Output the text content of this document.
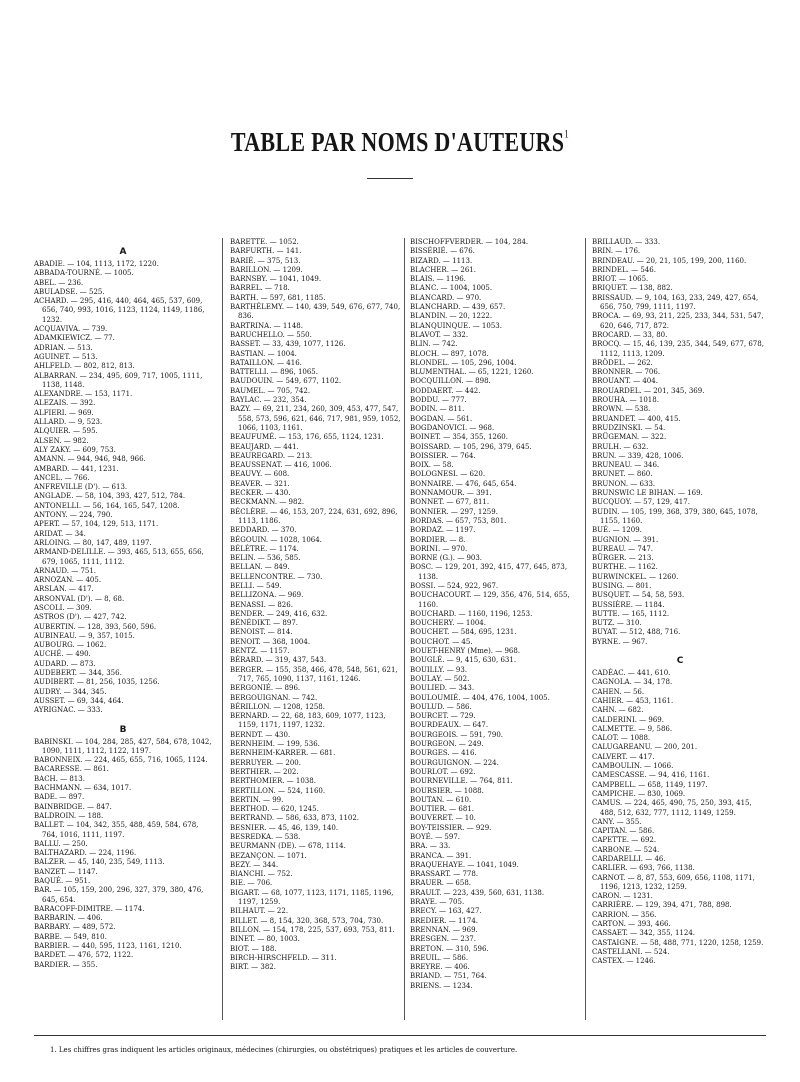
TABLE PAR NOMS D'AUTEURS$^1$
A
ABADIE. — 104, 1113, 1172, 1220.
ABBADA-TOURNÉ. — 1005.
ABEL. — 236.
ABULADSE. — 525.
ACHARD. — 295, 416, 440, 464, 465, 537, 609, 656, 740, 993, 1016, 1123, 1124, 1149, 1186, 1232.
ACQUAVIVA. — 739.
ADAMKIEWICZ. — 77.
ADRIAN. — 513.
AGUINET. — 513.
AHLFELD. — 802, 812, 813.
ALBARRAN. — 234, 495, 609, 717, 1005, 1111, 1138, 1148.
ALEXANDRE. — 153, 1171.
ALEZAIS. — 392.
ALFIERI. — 969.
ALLARD. — 9, 523.
ALQUIER. — 595.
ALSEN. — 982.
ALY ZAKY. — 609, 753.
AMANN. — 944, 946, 948, 966.
AMBARD. — 441, 1231.
ANCEL. — 766.
ANFREVILLE (D'). — 613.
ANGLADE. — 58, 104, 393, 427, 512, 784.
ANTONELLI. — 56, 164, 165, 547, 1208.
ANTONY. — 224, 790.
APERT. — 57, 104, 129, 513, 1171.
ARIDAT. — 34.
ARLOING. — 80, 147, 489, 1197.
ARMAND-DELILLE. — 393, 465, 513, 655, 656, 679, 1065, 1111, 1112.
ARNAUD. — 751.
ARNOZAN. — 405.
ARSLAN. — 417.
ARSONVAL (D'). — 8, 68.
ASCOLI. — 309.
ASTROS (D'). — 427, 742.
AUBERTIN. — 128, 393, 560, 596.
AUBINEAU. — 9, 357, 1015.
AUBOURG. — 1062.
AUCHÉ. — 490.
AUDARD. — 873.
AUDEBERT. — 344, 356.
AUDIBERT. — 81, 256, 1035, 1256.
AUDRY. — 344, 345.
AUSSET. — 69, 344, 464.
AYRIGNAC. — 333.
B
BABINSKI. — 104, 284, 285, 427, 584, 678, 1042, 1090, 1111, 1112, 1122, 1197.
BABONNEIX. — 224, 465, 655, 716, 1065, 1124.
BACARESSE. — 861.
BACH. — 813.
BACHMANN. — 634, 1017.
BADE. — 897.
BAINBRIDGE. — 847.
BALDROIN. — 188.
BALLET. — 104, 342, 355, 488, 459, 584, 678, 764, 1016, 1111, 1197.
BALLU. — 250.
BALTHAZARD. — 224, 1196.
BALZER. — 45, 140, 235, 549, 1113.
BANZET. — 1147.
BAQUÉ. — 951.
BAR. — 105, 159, 200, 296, 327, 379, 380, 476, 645, 654.
BARACOFF-DIMITRE. — 1174.
BARBARIN. — 406.
BARBARY. — 489, 572.
BARBE. — 549, 810.
BARBIER. — 440, 595, 1123, 1161, 1210.
BARDET. — 476, 572, 1122.
BARDIER. — 355.
BARETTE. — 1052.
BARFURTH. — 141.
BARIÉ. — 375, 513.
BARILLON. — 1209.
BARNSBY. — 1041, 1049.
BARREL. — 718.
BARTH. — 597, 681, 1185.
BARTHÉLEMY. — 140, 439, 549, 676, 677, 740, 836.
BARTRINA. — 1148.
BARUCHELLO. — 550.
BASSET. — 33, 439, 1077, 1126.
BASTIAN. — 1004.
BATAILLON. — 416.
BATTELLI. — 896, 1065.
BAUDOUIN. — 549, 677, 1102.
BAUMEL. — 705, 742.
BAYLAC. — 232, 354.
BAZY. — 69, 211, 234, 260, 309, 453, 477, 547, 558, 573, 596, 621, 646, 717, 981, 959, 1052, 1066, 1103, 1161.
BEAUFUMÉ. — 153, 176, 655, 1124, 1231.
BEAUJARD. — 441.
BEAUREGARD. — 213.
BEAUSSENAT. — 416, 1006.
BEAUVY. — 608.
BEAVER. — 321.
BECKER. — 430.
BECKMANN. — 982.
BÉCLÈRE. — 46, 153, 207, 224, 631, 692, 896, 1113, 1186.
BEDDARD. — 370.
BÉGOUIN. — 1028, 1064.
BÉLÈTRE. — 1174.
BELIN. — 536, 585.
BELLAN. — 849.
BELLENCONTRE. — 730.
BELLI. — 549.
BELLIZONA. — 969.
BENASSI. — 826.
BENDER. — 249, 416, 632.
BÉNÉDIKT. — 897.
BENOIST. — 814.
BENOIT. — 368, 1004.
BENTZ. — 1157.
BÉRARD. — 319, 437, 543.
BERGER. — 155, 358, 466, 478, 548, 561, 621, 717, 765, 1090, 1137, 1161, 1246.
BERGONIÉ. — 896.
BERGOUIGNAN. — 742.
BÉRILLON. — 1208, 1258.
BERNARD. — 22, 68, 183, 609, 1077, 1123, 1159, 1171, 1197, 1232.
BERNDT. — 430.
BERNHEIM. — 199, 536.
BERNHEIM-KARRER. — 681.
BERRUYER. — 200.
BERTHIER. — 202.
BERTHOMIER. — 1038.
BERTILLON. — 524, 1160.
BERTIN. — 99.
BERTHOD. — 620, 1245.
BERTRAND. — 586, 633, 873, 1102.
BESNIER. — 45, 46, 139, 140.
BESREDKA. — 538.
BEURMANN (DE). — 678, 1114.
BEZANÇON. — 1071.
BEZY. — 344.
BIANCHI. — 752.
BIE. — 706.
BIGART. — 68, 1077, 1123, 1171, 1185, 1196, 1197, 1259.
BILHAUT. — 22.
BILLET. — 8, 154, 320, 368, 573, 704, 730.
BILLON. — 154, 178, 225, 537, 693, 753, 811.
BINET. — 80, 1003.
BIOT. — 188.
BIRCH-HIRSCHFELD. — 311.
BIRT. — 382.
BISCHOFFVERDER. — 104, 284.
BISSÉRIÉ. — 676.
BIZARD. — 1113.
BLACHER. — 261.
BLAIS. — 1196.
BLANC. — 1004, 1005.
BLANCARD. — 970.
BLANCHARD. — 439, 657.
BLANDIN. — 20, 1222.
BLANQUINQUE. — 1053.
BLAVOT. — 332.
BLIN. — 742.
BLOCH. — 897, 1078.
BLONDEL. — 105, 296, 1004.
BLUMENTHAL. — 65, 1221, 1260.
BOCQUILLON. — 898.
BODDAERT. — 442.
BODDU. — 777.
BODIN. — 811.
BOGDAN. — 561.
BOGDANOVICI. — 968.
BOINET. — 354, 355, 1260.
BOISSARD. — 105, 296, 379, 645.
BOISSIER. — 764.
BOIX. — 58.
BOLOGNESI. — 620.
BONNAIRE. — 476, 645, 654.
BONNAMOUR. — 391.
BONNET. — 677, 811.
BONNIER. — 297, 1259.
BORDAS. — 657, 753, 801.
BORDAZ. — 1197.
BORDIER. — 8.
BORINI. — 970.
BORNE (G.). — 903.
BOSC. — 129, 201, 392, 415, 477, 645, 873, 1138.
BOSSI. — 524, 922, 967.
BOUCHACOURT. — 129, 356, 476, 514, 655, 1160.
BOUCHARD. — 1160, 1196, 1253.
BOUCHERY. — 1004.
BOUCHET. — 584, 695, 1231.
BOUCHOT. — 45.
BOUET-HENRY (Mme). — 968.
BOUGLÉ. — 9, 415, 630, 631.
BOUILLY. — 93.
BOULAY. — 502.
BOULIED. — 343.
BOULOUMIÉ. — 404, 476, 1004, 1005.
BOULUD. — 586.
BOURCET. — 729.
BOURDEAUX. — 647.
BOURGEOIS. — 591, 790.
BOURGEON. — 249.
BOURGES. — 416.
BOURGUIGNON. — 224.
BOURLOT. — 692.
BOURNEVILLE. — 764, 811.
BOURSIER. — 1088.
BOUTAN. — 610.
BOUTIER. — 681.
BOUVERET. — 10.
BOY-TEISSIER. — 929.
BOYÉ. — 597.
BRA. — 33.
BRANCA. — 391.
BRAQUEHAYE. — 1041, 1049.
BRASSART. — 778.
BRAUER. — 658.
BRAULT. — 223, 439, 560, 631, 1138.
BRAYE. — 705.
BRECY. — 163, 427.
BREDIER. — 1174.
BRENNAN. — 969.
BRESGEN. — 237.
BRETON. — 310, 596.
BREUIL. — 586.
BREYRE. — 406.
BRIAND. — 751, 764.
BRIENS. — 1234.
BRILLAUD. — 333.
BRIN. — 176.
BRINDEAU. — 20, 21, 105, 199, 200, 1160.
BRINDEL. — 546.
BRIOT. — 1065.
BRIQUET. — 138, 882.
BRISSAUD. — 9, 104, 163, 233, 249, 427, 654, 656, 750, 799, 1111, 1197.
BROCA. — 69, 93, 211, 225, 233, 344, 531, 547, 620, 646, 717, 872.
BROCARD. — 33, 80.
BROCQ. — 15, 46, 139, 235, 344, 549, 677, 678, 1112, 1113, 1209.
BRÖDEL. — 262.
BRONNER. — 706.
BROUANT. — 404.
BROUARDEL. — 201, 345, 369.
BROUHA. — 1018.
BROWN. — 538.
BRUANDET. — 400, 415.
BRUDZINSKI. — 54.
BRÜGEMAN. — 322.
BRULH. — 632.
BRUN. — 339, 428, 1006.
BRUNEAU. — 346.
BRUNET. — 860.
BRUNON. — 633.
BRUNSWIC LE BIHAN. — 169.
BUCQUOY. — 57, 129, 417.
BUDIN. — 105, 199, 368, 379, 380, 645, 1078, 1155, 1160.
BUÉ. — 1209.
BUGNION. — 391.
BUREAU. — 747.
BÜRGER. — 213.
BURTHE. — 1162.
BURWINCKEL. — 1260.
BUSING. — 801.
BUSQUET. — 54, 58, 593.
BUSSIÈRE. — 1184.
BUTTE. — 165, 1112.
BUTZ. — 310.
BUYAT. — 512, 488, 716.
BYRNE. — 967.
C
CADÉAC. — 441, 610.
CAGNOLA. — 34, 178.
CAHEN. — 56.
CAHIER. — 453, 1161.
CAHN. — 682.
CALDERINI. — 969.
CALMETTE. — 9, 586.
CALOT. — 1088.
CALUGAREANU. — 200, 201.
CALVERT. — 417.
CAMBOULIN. — 1066.
CAMESCASSE. — 94, 416, 1161.
CAMPBELL. — 658, 1149, 1197.
CAMPICHE. — 830, 1069.
CAMUS. — 224, 465, 490, 75, 250, 393, 415, 488, 512, 632, 777, 1112, 1149, 1259.
CANY. — 355.
CAPITAN. — 586.
CAPETTE. — 692.
CARBONE. — 524.
CARDARELLI. — 46.
CARLIER. — 693, 766, 1138.
CARNOT. — 8, 87, 553, 609, 656, 1108, 1171, 1196, 1213, 1232, 1259.
CARON. — 1231.
CARRIÈRE. — 129, 394, 471, 788, 898.
CARRION. — 356.
CARTON. — 393, 466.
CASSAET. — 342, 355, 1124.
CASTAIGNE. — 58, 488, 771, 1220, 1258, 1259.
CASTELLANI. — 524.
CASTEX. — 1246.
1. Les chiffres gras indiquent les articles originaux, médecines (chirurgies, ou obstétriques) pratiques et les articles de couverture.
